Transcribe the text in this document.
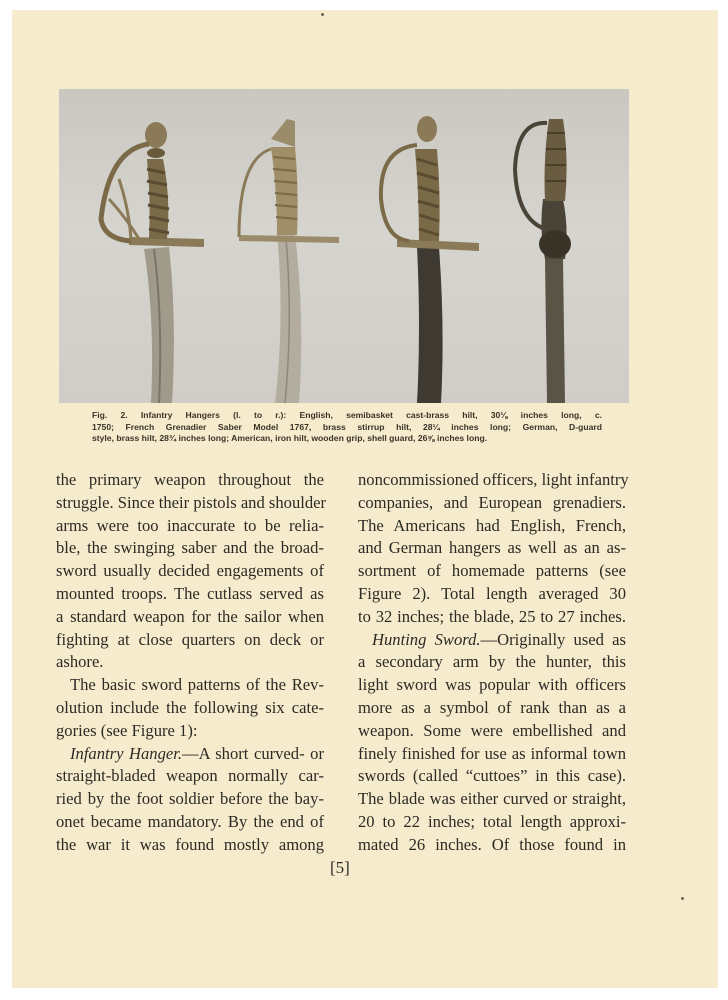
Fig. 2. Infantry Hangers (l. to r.): English, semibasket cast-brass hilt, 30⅛ inches long, c.

1750; French Grenadier Saber Model 1767, brass stirrup hilt, 28¼ inches long; German, D-guard

style, brass hilt, 28¾ inches long; American, iron hilt, wooden grip, shell guard, 26⅝ inches long.

the primary weapon throughout the
struggle. Since their pistols and shoulder
arms were too inaccurate to be relia-
ble, the swinging saber and the broad-
sword usually decided engagements of
mounted troops. The cutlass served as
a standard weapon for the sailor when
fighting at close quarters on deck or
ashore.
The basic sword patterns of the Rev-
olution include the following six cate-
gories (see Figure 1):
Infantry Hanger.—A short curved- or
straight-bladed weapon normally car-
ried by the foot soldier before the bay-
onet became mandatory. By the end of
the war it was found mostly among
noncommissioned officers, light infantry
companies, and European grenadiers.
The Americans had English, French,
and German hangers as well as an as-
sortment of homemade patterns (see
Figure 2). Total length averaged 30
to 32 inches; the blade, 25 to 27 inches.
Hunting Sword.—Originally used as
a secondary arm by the hunter, this
light sword was popular with officers
more as a symbol of rank than as a
weapon. Some were embellished and
finely finished for use as informal town
swords (called “cuttoes” in this case).
The blade was either curved or straight,
20 to 22 inches; total length approxi-
mated 26 inches. Of those found in
[5]
